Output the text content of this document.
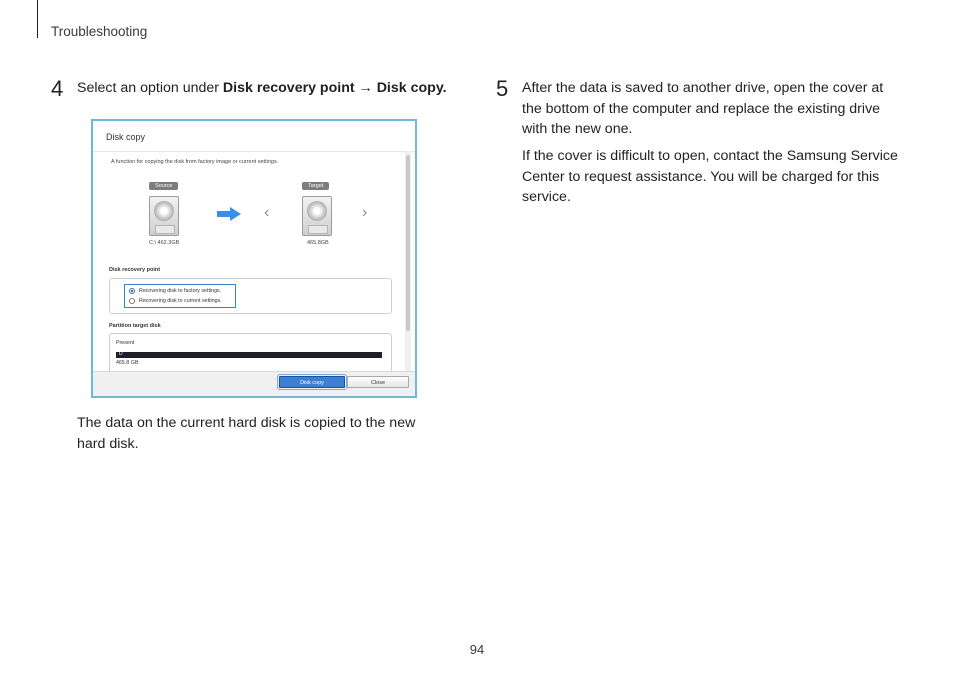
Troubleshooting
4 Select an option under Disk recovery point → Disk copy.
Disk copy
A function for copying the disk from factory image or current settings.
Source	Target
‹	›
C:\ 462.3GB	465.8GB
Disk recovery point
Recovering disk to factory settings.
Recovering disk to current settings.
Partition target disk
Present
D
465.8 GB
Disk copy	Close
The data on the current hard disk is copied to the new hard disk.
5 After the data is saved to another drive, open the cover at the bottom of the computer and replace the existing drive with the new one.
If the cover is difficult to open, contact the Samsung Service Center to request assistance. You will be charged for this service.
94
